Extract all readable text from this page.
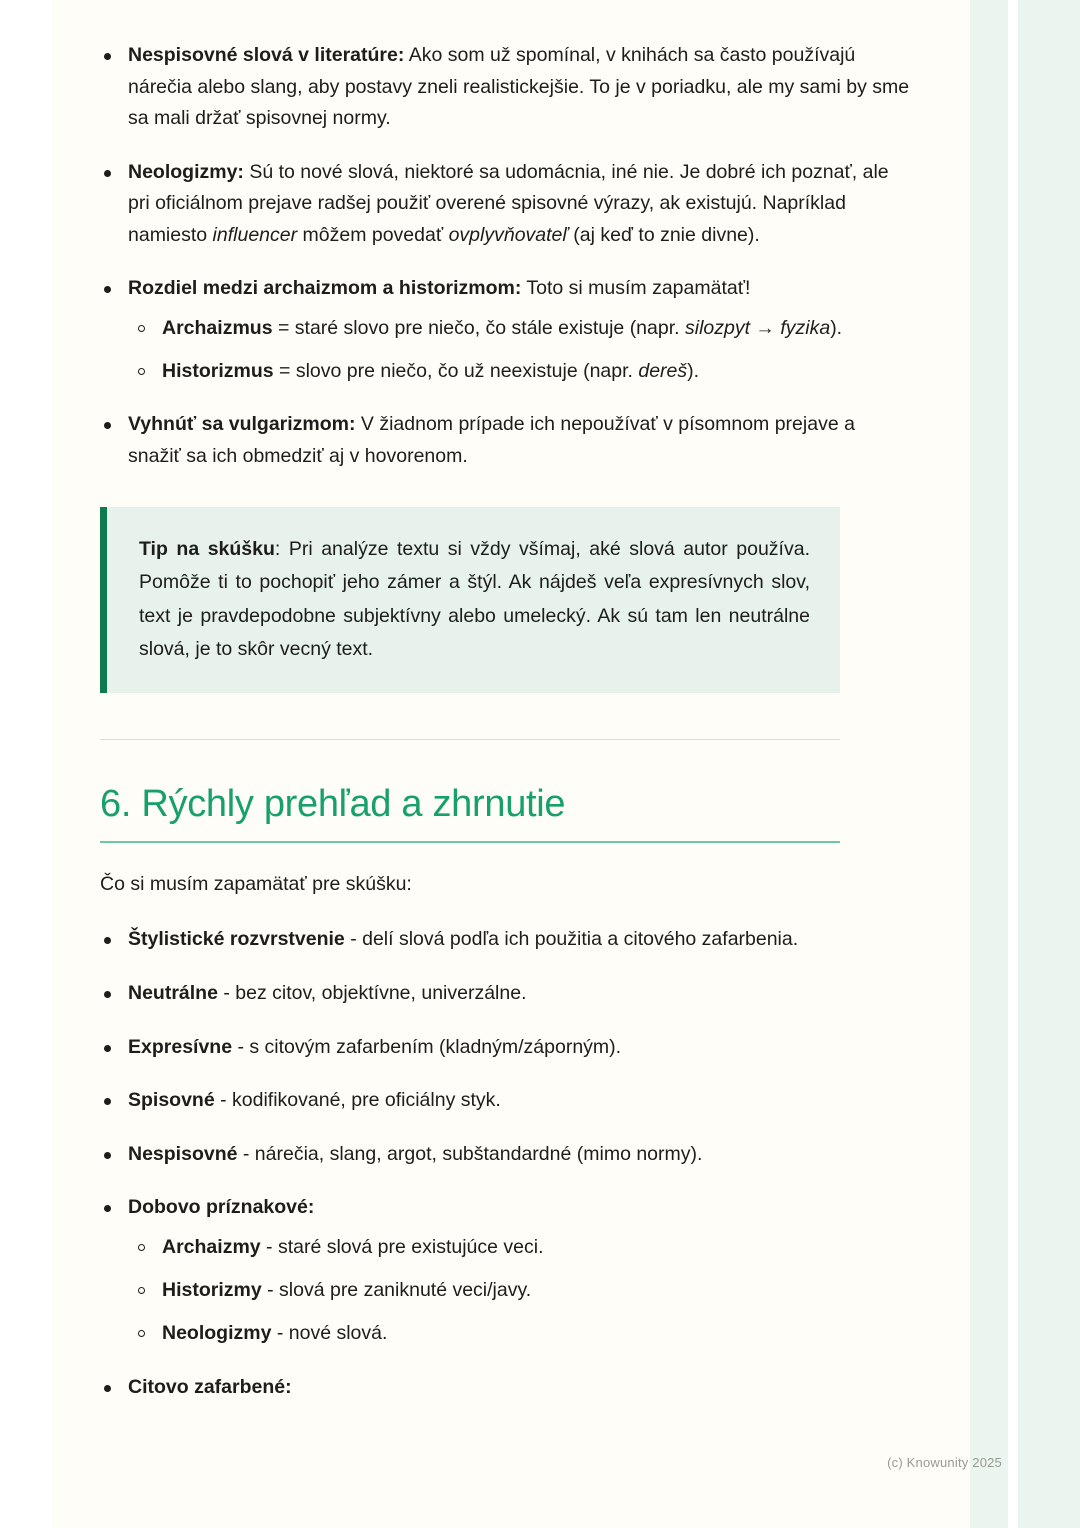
Nespisovné slová v literatúre: Ako som už spomínal, v knihách sa často používajú nárečia alebo slang, aby postavy zneli realistickejšie. To je v poriadku, ale my sami by sme sa mali držať spisovnej normy.
Neologizmy: Sú to nové slová, niektoré sa udomácnia, iné nie. Je dobré ich poznať, ale pri oficiálnom prejave radšej použiť overené spisovné výrazy, ak existujú. Napríklad namiesto influencer môžem povedať ovplyvňovateľ (aj keď to znie divne).
Rozdiel medzi archaizmom a historizmom: Toto si musím zapamätať!
Archaizmus = staré slovo pre niečo, čo stále existuje (napr. silozpyt → fyzika).
Historizmus = slovo pre niečo, čo už neexistuje (napr. dereš).
Vyhnúť sa vulgarizmom: V žiadnom prípade ich nepoužívať v písomnom prejave a snažiť sa ich obmedziť aj v hovorenom.
Tip na skúšku: Pri analýze textu si vždy všímaj, aké slová autor používa. Pomôže ti to pochopiť jeho zámer a štýl. Ak nájdeš veľa expresívnych slov, text je pravdepodobne subjektívny alebo umelecký. Ak sú tam len neutrálne slová, je to skôr vecný text.
6. Rýchly prehľad a zhrnutie

Čo si musím zapamätať pre skúšku:

Štylistické rozvrstvenie - delí slová podľa ich použitia a citového zafarbenia.
Neutrálne - bez citov, objektívne, univerzálne.
Expresívne - s citovým zafarbením (kladným/záporným).
Spisovné - kodifikované, pre oficiálny styk.
Nespisovné - nárečia, slang, argot, subštandardné (mimo normy).
Dobovo príznakové:
Archaizmy - staré slová pre existujúce veci.
Historizmy - slová pre zaniknuté veci/javy.
Neologizmy - nové slová.
Citovo zafarbené:
(c) Knowunity 2025
